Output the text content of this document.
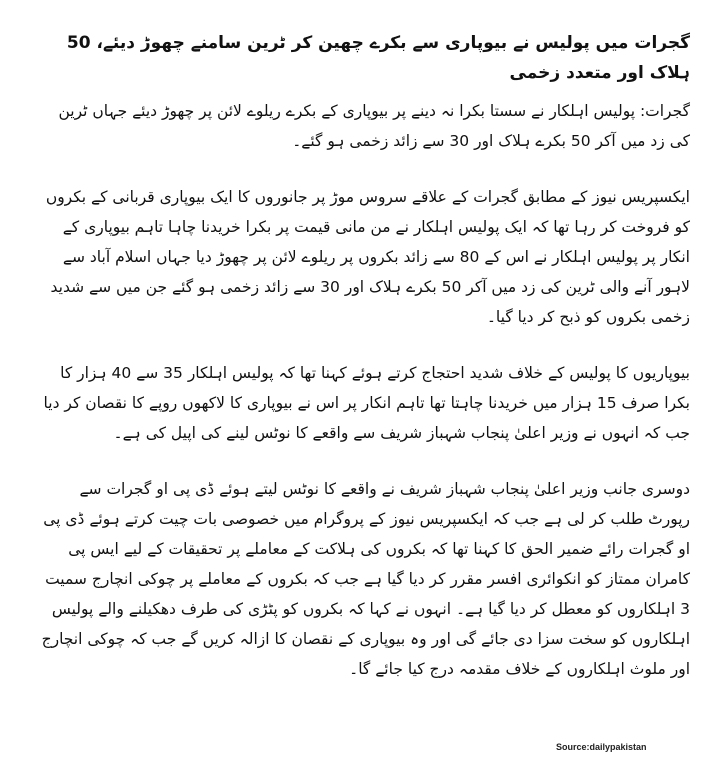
گجرات میں پولیس نے بیوپاری سے بکرے چھین کر ٹرین سامنے چھوڑ دیئے، 50 ہلاک اور متعدد زخمی

گجرات: پولیس اہلکار نے سستا بکرا نہ دینے پر بیوپاری کے بکرے ریلوے لائن پر چھوڑ دیئے جہاں ٹرین کی زد میں آکر 50 بکرے ہلاک اور 30 سے زائد زخمی ہو گئے۔

ایکسپریس نیوز کے مطابق گجرات کے علاقے سروس موڑ پر جانوروں کا ایک بیوپاری قربانی کے بکروں کو فروخت کر رہا تھا کہ ایک پولیس اہلکار نے من مانی قیمت پر بکرا خریدنا چاہا تاہم بیوپاری کے انکار پر پولیس اہلکار نے اس کے 80 سے زائد بکروں پر ریلوے لائن پر چھوڑ دیا جہاں اسلام آباد سے لاہور آنے والی ٹرین کی زد میں آکر 50 بکرے ہلاک اور 30 سے زائد زخمی ہو گئے جن میں سے شدید زخمی بکروں کو ذبح کر دیا گیا۔

بیوپاریوں کا پولیس کے خلاف شدید احتجاج کرتے ہوئے کہنا تھا کہ پولیس اہلکار 35 سے 40 ہزار کا بکرا صرف 15 ہزار میں خریدنا چاہتا تھا تاہم انکار پر اس نے بیوپاری کا لاکھوں روپے کا نقصان کر دیا جب کہ انہوں نے وزیر اعلیٰ پنجاب شہباز شریف سے واقعے کا نوٹس لینے کی اپیل کی ہے۔

دوسری جانب وزیر اعلیٰ پنجاب شہباز شریف نے واقعے کا نوٹس لیتے ہوئے ڈی پی او گجرات سے رپورٹ طلب کر لی ہے جب کہ ایکسپریس نیوز کے پروگرام میں خصوصی بات چیت کرتے ہوئے ڈی پی او گجرات رائے ضمیر الحق کا کہنا تھا کہ بکروں کی ہلاکت کے معاملے پر تحقیقات کے لیے ایس پی کامران ممتاز کو انکوائری افسر مقرر کر دیا گیا ہے جب کہ بکروں کے معاملے پر چوکی انچارج سمیت 3 اہلکاروں کو معطل کر دیا گیا ہے۔ انہوں نے کہا کہ بکروں کو پٹڑی کی طرف دھکیلنے والے پولیس اہلکاروں کو سخت سزا دی جائے گی اور وہ بیوپاری کے نقصان کا ازالہ کریں گے جب کہ چوکی انچارج اور ملوث اہلکاروں کے خلاف مقدمہ درج کیا جائے گا۔

Source:dailypakistan
